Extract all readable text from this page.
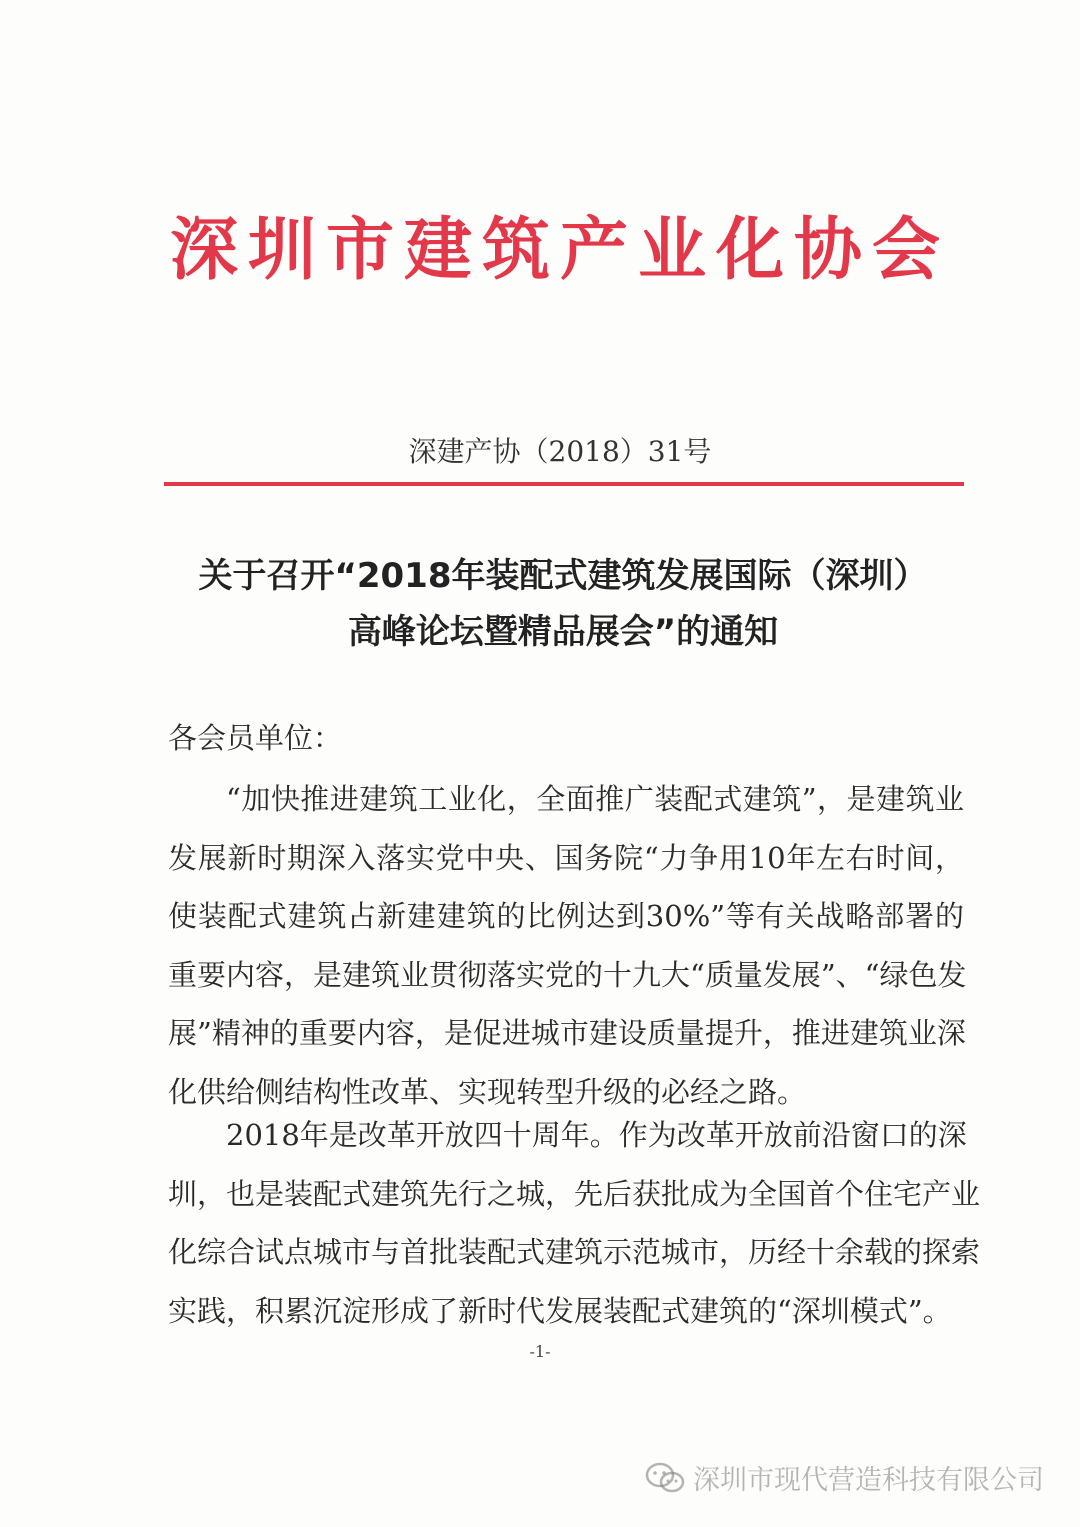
深圳市建筑产业化协会
深建产协（2018）31号
关于召开“2018年装配式建筑发展国际（深圳）
高峰论坛暨精品展会”的通知
各会员单位：
“加快推进建筑工业化，全面推广装配式建筑”，是建筑业
发展新时期深入落实党中央、国务院“力争用10年左右时间，
使装配式建筑占新建建筑的比例达到30%”等有关战略部署的
重要内容，是建筑业贯彻落实党的十九大“质量发展”、“绿色发
展”精神的重要内容，是促进城市建设质量提升，推进建筑业深
化供给侧结构性改革、实现转型升级的必经之路。
2018年是改革开放四十周年。作为改革开放前沿窗口的深
圳，也是装配式建筑先行之城，先后获批成为全国首个住宅产业
化综合试点城市与首批装配式建筑示范城市，历经十余载的探索
实践，积累沉淀形成了新时代发展装配式建筑的“深圳模式”。
-1-
深圳市现代营造科技有限公司
